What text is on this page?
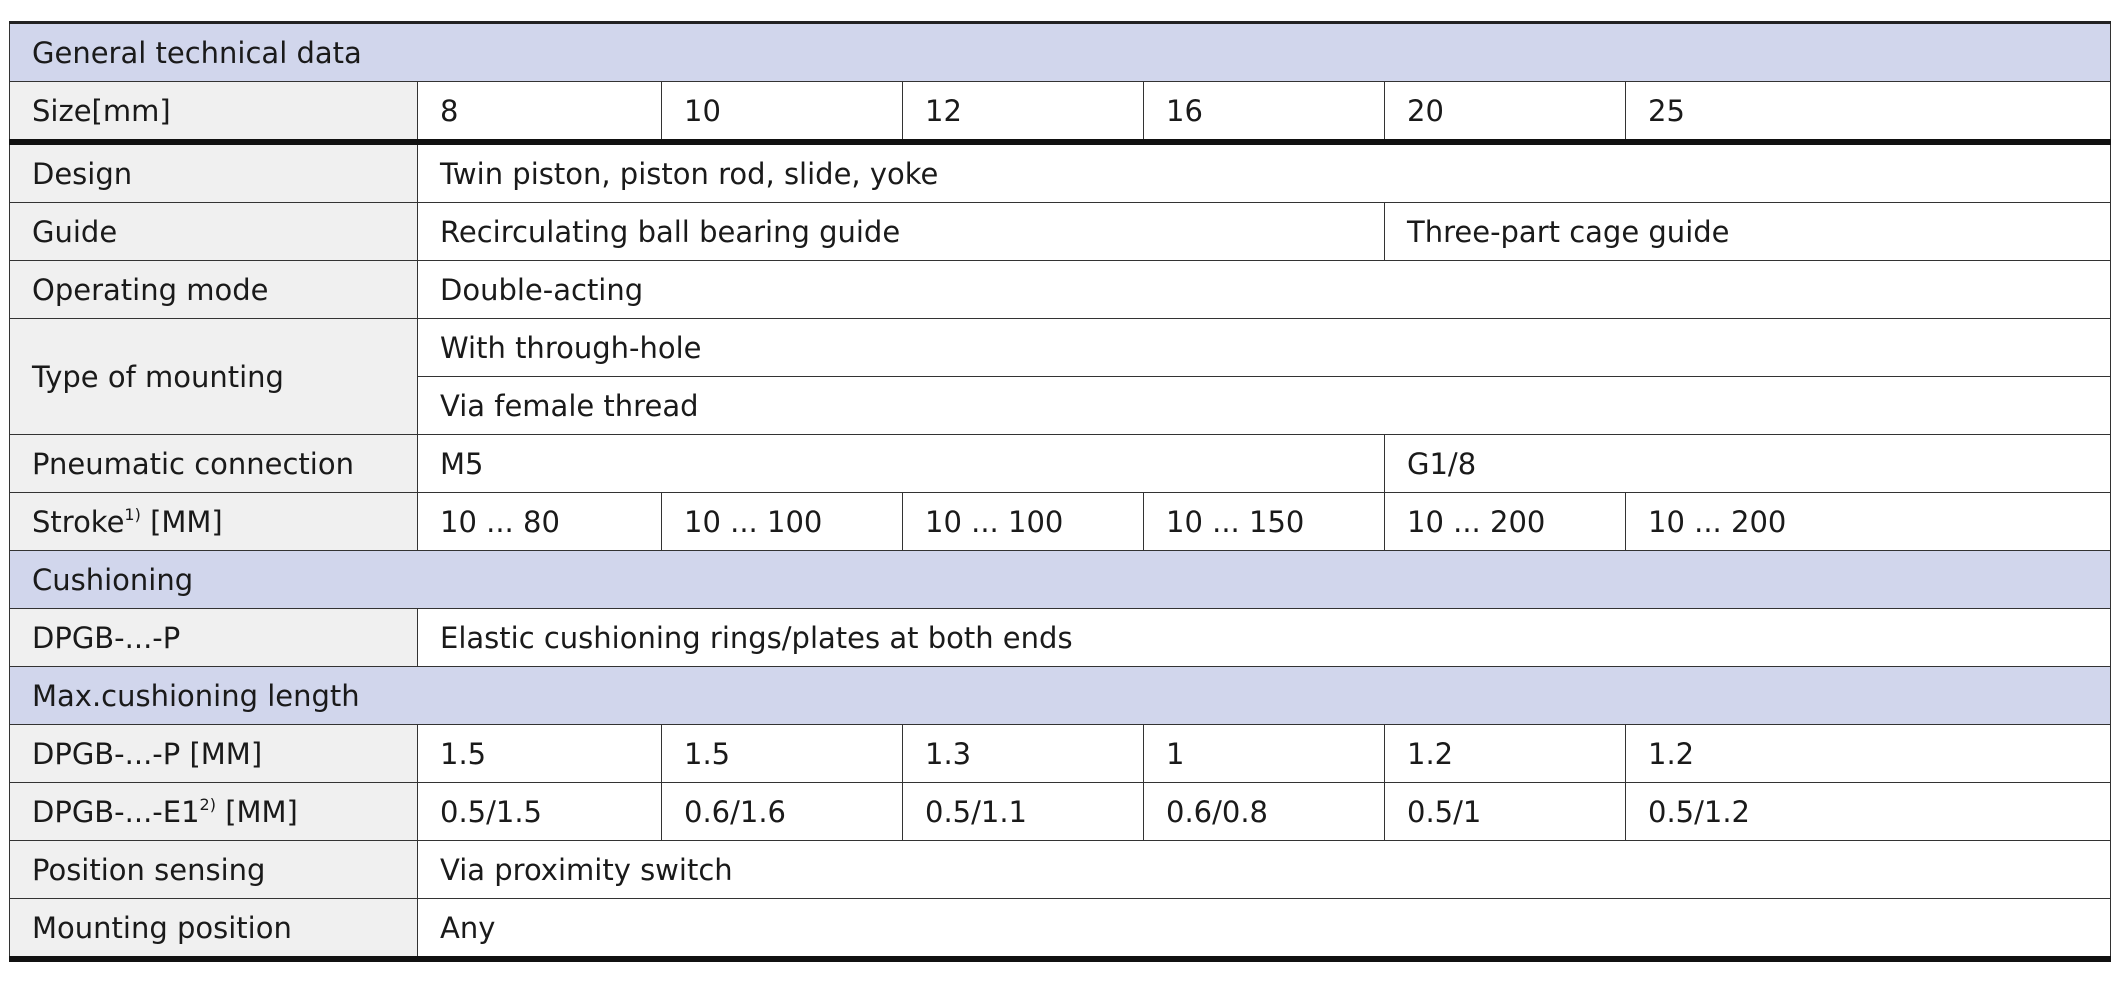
General technical data						
Size[mm]	8	10	12	16	20	25
Design	Twin piston, piston rod, slide, yoke					
Guide	Recirculating ball bearing guide				Three-part cage guide	
Operating mode	Double-acting					
Type of mounting	With through-hole					
	Via female thread					
Pneumatic connection	M5				G1/8	
Stroke$^{1)}$ [MM]	10 ... 80	10 ... 100	10 ... 100	10 ... 150	10 ... 200	10 ... 200
Cushioning						
DPGB-...-P	Elastic cushioning rings/plates at both ends					
Max.cushioning length						
DPGB-...-P [MM]	1.5	1.5	1.3	1	1.2	1.2
DPGB-...-E1$^{2)}$ [MM]	0.5/1.5	0.6/1.6	0.5/1.1	0.6/0.8	0.5/1	0.5/1.2
Position sensing	Via proximity switch					
Mounting position	Any					
